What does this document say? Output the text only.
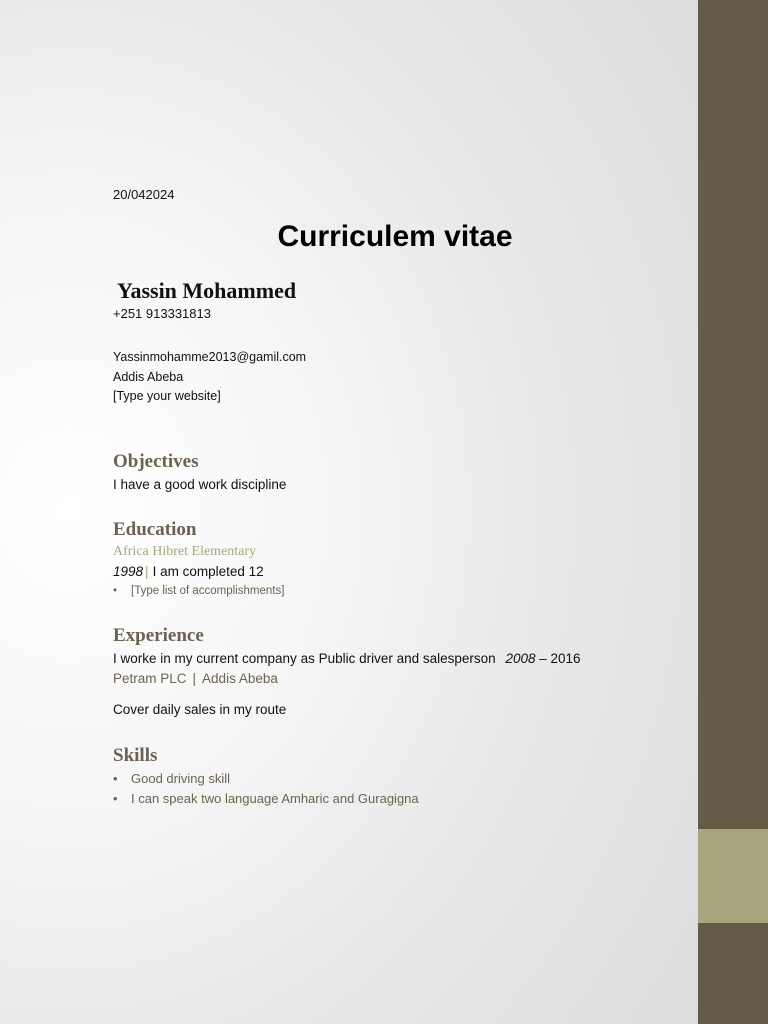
20/042024
Curriculem vitae
Yassin Mohammed
+251 913331813
Yassinmohamme2013@gamil.com
Addis Abeba
[Type your website]
Objectives
I have a good work discipline
Education
Africa Hibret Elementary
1998 | I am completed 12
• [Type list of accomplishments]
Experience
I worke in my current company as Public driver and salesperson 2008 – 2016
Petram PLC | Addis Abeba
Cover daily sales in my route
Skills
• Good driving skill
• I can speak two language Amharic and Guragigna
